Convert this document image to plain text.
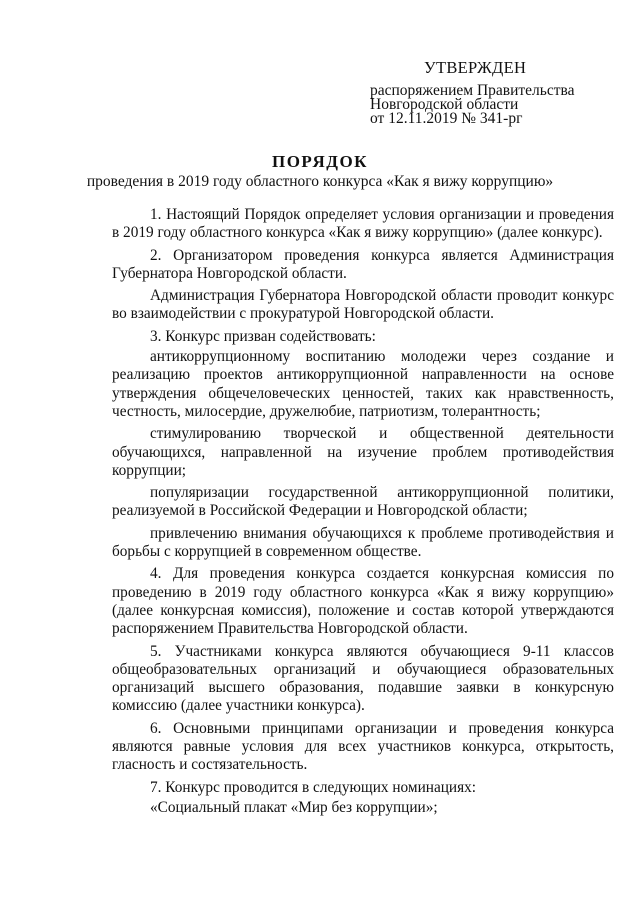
УТВЕРЖДЕН
распоряжением Правительства
Новгородской области
от 12.11.2019 № 341-рг
ПОРЯДОК
проведения в 2019 году областного конкурса «Как я вижу коррупцию»

1. Настоящий Порядок определяет условия организации и проведения в 2019 году областного конкурса «Как я вижу коррупцию» (далее конкурс).

2. Организатором проведения конкурса является Администрация Губернатора Новгородской области.

Администрация Губернатора Новгородской области проводит конкурс во взаимодействии с прокуратурой Новгородской области.

3. Конкурс призван содействовать:

антикоррупционному воспитанию молодежи через создание и реализацию проектов антикоррупционной направленности на основе утверждения общечеловеческих ценностей, таких как нравственность, честность, милосердие, дружелюбие, патриотизм, толерантность;

стимулированию творческой и общественной деятельности обучающихся, направленной на изучение проблем противодействия коррупции;

популяризации государственной антикоррупционной политики, реализуемой в Российской Федерации и Новгородской области;

привлечению внимания обучающихся к проблеме противодействия и борьбы с коррупцией в современном обществе.

4. Для проведения конкурса создается конкурсная комиссия по проведению в 2019 году областного конкурса «Как я вижу коррупцию» (далее конкурсная комиссия), положение и состав которой утверждаются распоряжением Правительства Новгородской области.

5. Участниками конкурса являются обучающиеся 9-11 классов общеобразовательных организаций и обучающиеся образовательных организаций высшего образования, подавшие заявки в конкурсную комиссию (далее участники конкурса).

6. Основными принципами организации и проведения конкурса являются равные условия для всех участников конкурса, открытость, гласность и состязательность.

7. Конкурс проводится в следующих номинациях:

«Социальный плакат «Мир без коррупции»;
